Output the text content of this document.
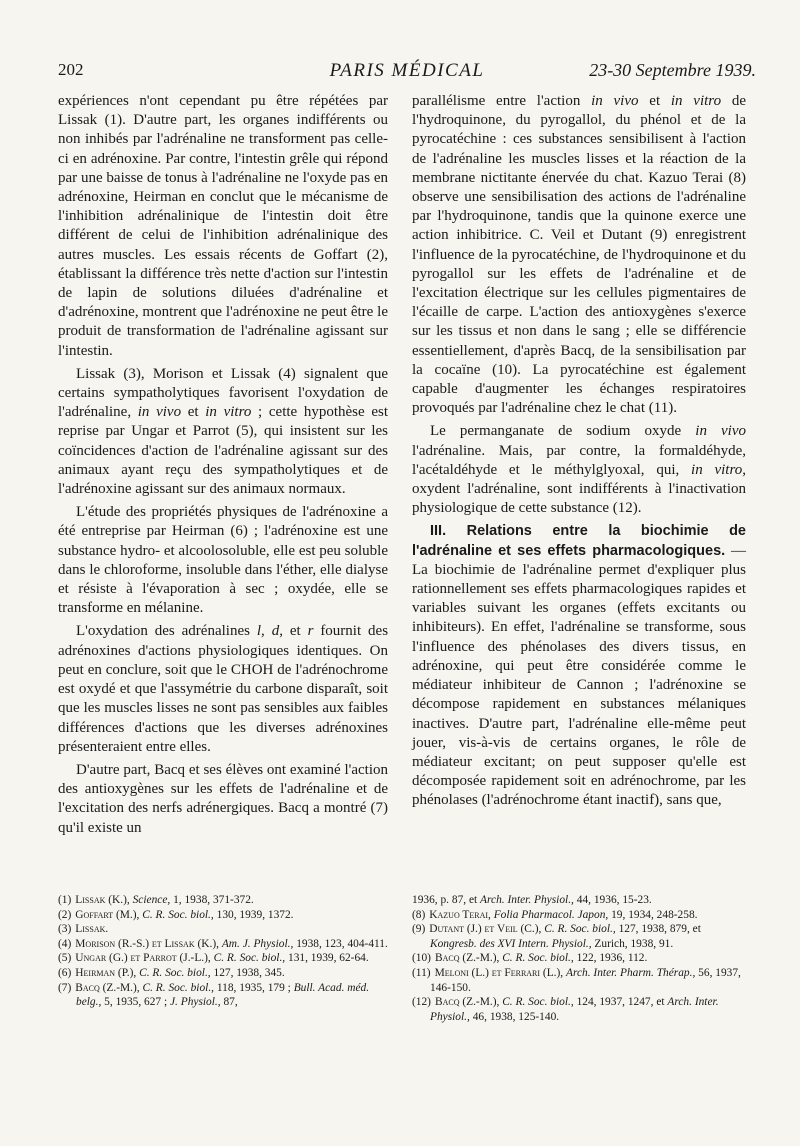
202	PARIS MÉDICAL	23-30 Septembre 1939.

expériences n'ont cependant pu être répétées par Lissak (1). D'autre part, les organes indifférents ou non inhibés par l'adrénaline ne transforment pas celle-ci en adrénoxine. Par contre, l'intestin grêle qui répond par une baisse de tonus à l'adrénaline ne l'oxyde pas en adrénoxine, Heirman en conclut que le mécanisme de l'inhibition adrénalinique de l'intestin doit être différent de celui de l'inhibition adrénalinique des autres muscles. Les essais récents de Goffart (2), établissant la différence très nette d'action sur l'intestin de lapin de solutions diluées d'adrénaline et d'adrénoxine, montrent que l'adrénoxine ne peut être le produit de transformation de l'adrénaline agissant sur l'intestin.

Lissak (3), Morison et Lissak (4) signalent que certains sympatholytiques favorisent l'oxydation de l'adrénaline, in vivo et in vitro ; cette hypothèse est reprise par Ungar et Parrot (5), qui insistent sur les coïncidences d'action de l'adrénaline agissant sur des animaux ayant reçu des sympatholytiques et de l'adrénoxine agissant sur des animaux normaux.

L'étude des propriétés physiques de l'adrénoxine a été entreprise par Heirman (6) ; l'adrénoxine est une substance hydro- et alcoolosoluble, elle est peu soluble dans le chloroforme, insoluble dans l'éther, elle dialyse et résiste à l'évaporation à sec ; oxydée, elle se transforme en mélanine.

L'oxydation des adrénalines l, d, et r fournit des adrénoxines d'actions physiologiques identiques. On peut en conclure, soit que le CHOH de l'adrénochrome est oxydé et que l'assymétrie du carbone disparaît, soit que les muscles lisses ne sont pas sensibles aux faibles différences d'actions que les diverses adrénoxines présenteraient entre elles.

D'autre part, Bacq et ses élèves ont examiné l'action des antioxygènes sur les effets de l'adrénaline et de l'excitation des nerfs adrénergiques. Bacq a montré (7) qu'il existe un

parallélisme entre l'action in vivo et in vitro de l'hydroquinone, du pyrogallol, du phénol et de la pyrocatéchine : ces substances sensibilisent à l'action de l'adrénaline les muscles lisses et la réaction de la membrane nictitante énervée du chat. Kazuo Terai (8) observe une sensibilisation des actions de l'adrénaline par l'hydroquinone, tandis que la quinone exerce une action inhibitrice. C. Veil et Dutant (9) enregistrent l'influence de la pyrocatéchine, de l'hydroquinone et du pyrogallol sur les effets de l'adrénaline et de l'excitation électrique sur les cellules pigmentaires de l'écaille de carpe. L'action des antioxygènes s'exerce sur les tissus et non dans le sang ; elle se différencie essentiellement, d'après Bacq, de la sensibilisation par la cocaïne (10). La pyrocatéchine est également capable d'augmenter les échanges respiratoires provoqués par l'adrénaline chez le chat (11).

Le permanganate de sodium oxyde in vivo l'adrénaline. Mais, par contre, la formaldéhyde, l'acétaldéhyde et le méthylglyoxal, qui, in vitro, oxydent l'adrénaline, sont indifférents à l'inactivation physiologique de cette substance (12).

III. Relations entre la biochimie de l'adrénaline et ses effets pharmacologiques. — La biochimie de l'adrénaline permet d'expliquer plus rationnellement ses effets pharmacologiques rapides et variables suivant les organes (effets excitants ou inhibiteurs). En effet, l'adrénaline se transforme, sous l'influence des phénolases des divers tissus, en adrénoxine, qui peut être considérée comme le médiateur inhibiteur de Cannon ; l'adrénoxine se décompose rapidement en substances mélaniques inactives. D'autre part, l'adrénaline elle-même peut jouer, vis-à-vis de certains organes, le rôle de médiateur excitant; on peut supposer qu'elle est décomposée rapidement soit en adrénochrome, par les phénolases (l'adrénochrome étant inactif), sans que,

(1) Lissak (K.), Science, 1, 1938, 371-372.
(2) Goffart (M.), C. R. Soc. biol., 130, 1939, 1372.
(3) Lissak.
(4) Morison (R.-S.) et Lissak (K.), Am. J. Physiol., 1938, 123, 404-411.
(5) Ungar (G.) et Parrot (J.-L.), C. R. Soc. biol., 131, 1939, 62-64.
(6) Heirman (P.), C. R. Soc. biol., 127, 1938, 345.
(7) Bacq (Z.-M.), C. R. Soc. biol., 118, 1935, 179 ; Bull. Acad. méd. belg., 5, 1935, 627 ; J. Physiol., 87,
1936, p. 87, et Arch. Inter. Physiol., 44, 1936, 15-23.
(8) Kazuo Terai, Folia Pharmacol. Japon, 19, 1934, 248-258.
(9) Dutant (J.) et Veil (C.), C. R. Soc. biol., 127, 1938, 879, et Kongresb. des XVI Intern. Physiol., Zurich, 1938, 91.
(10) Bacq (Z.-M.), C. R. Soc. biol., 122, 1936, 112.
(11) Meloni (L.) et Ferrari (L.), Arch. Inter. Pharm. Thérap., 56, 1937, 146-150.
(12) Bacq (Z.-M.), C. R. Soc. biol., 124, 1937, 1247, et Arch. Inter. Physiol., 46, 1938, 125-140.
